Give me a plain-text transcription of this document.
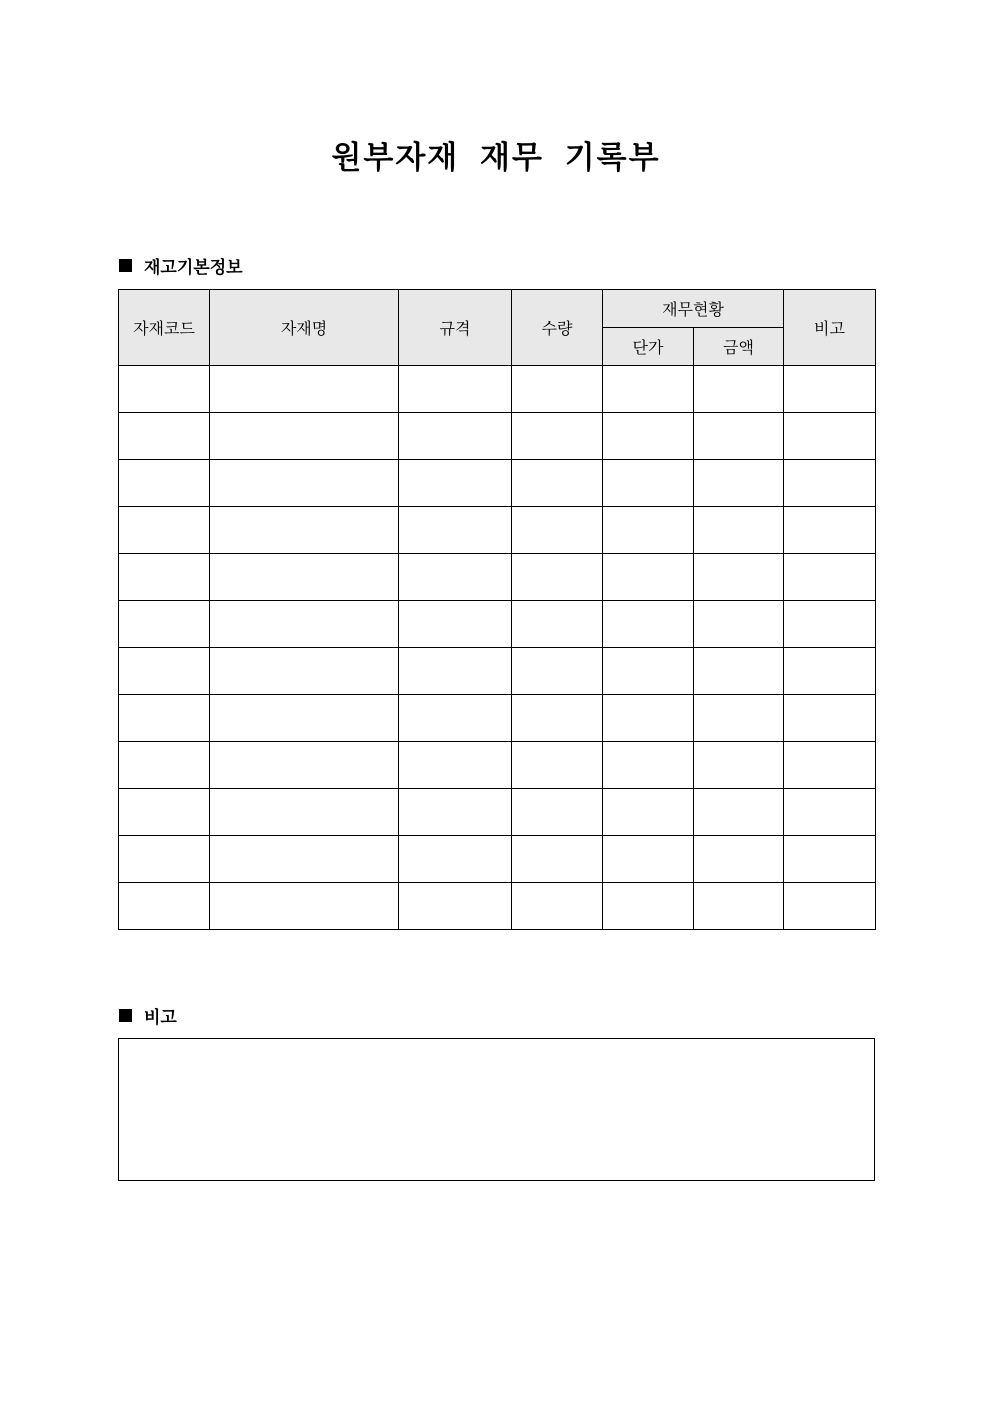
원부자재 재무 기록부
재고기본정보
자재코드	자재명	규격	수량	재무현황		비고
				단가	금액	

비고
